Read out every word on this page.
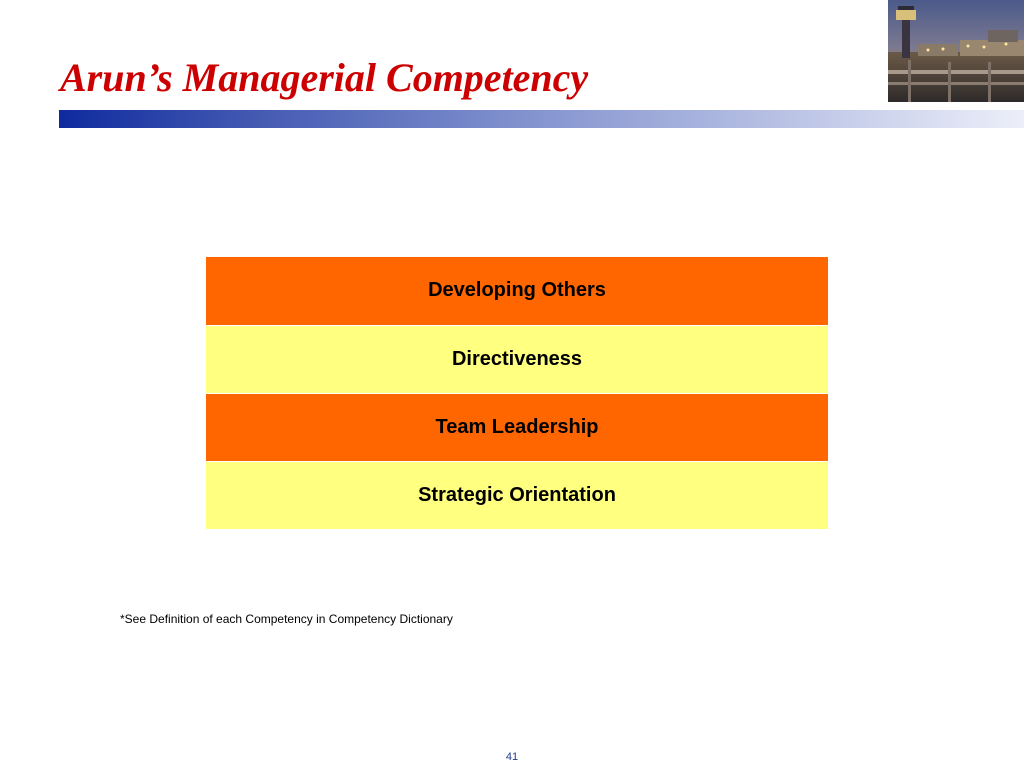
Arun’s Managerial Competency
Developing Others
Directiveness
Team Leadership
Strategic Orientation
*See Definition of each Competency in Competency Dictionary
41
